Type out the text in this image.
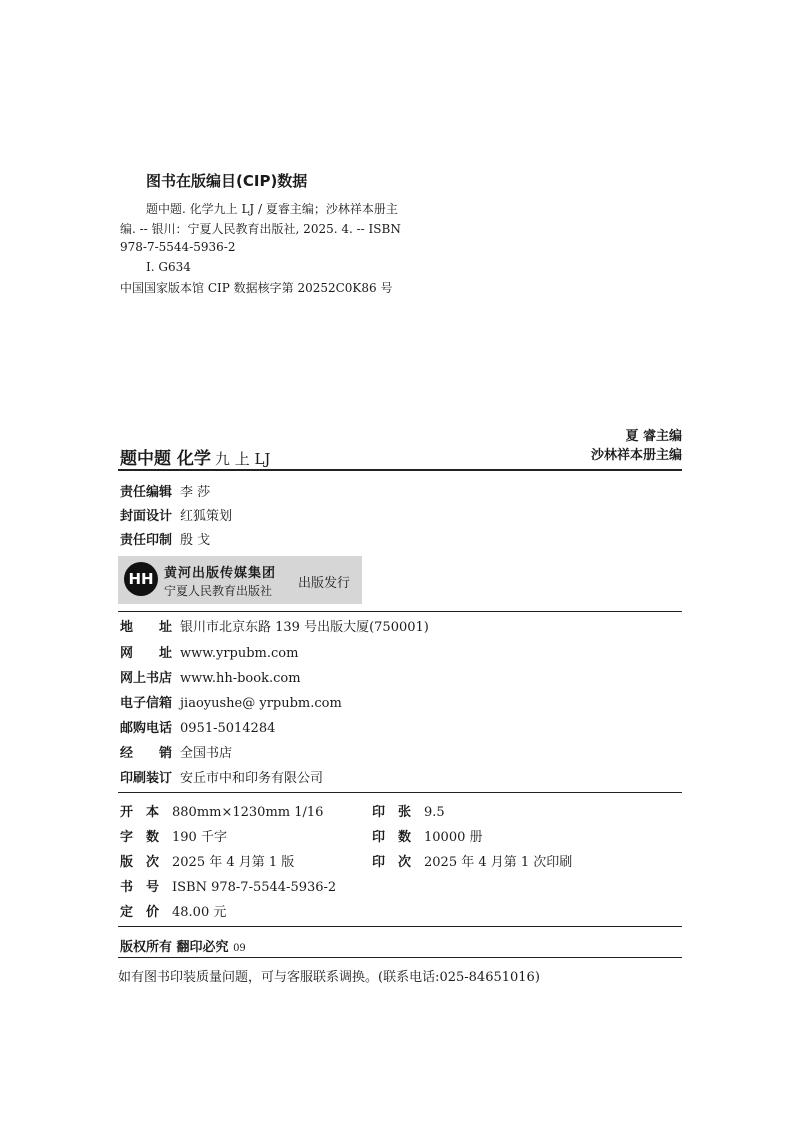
图书在版编目(CIP)数据
题中题. 化学九上 LJ / 夏睿主编；沙林祥本册主
编. -- 银川：宁夏人民教育出版社, 2025. 4. -- ISBN
978-7-5544-5936-2
Ⅰ. G634
中国国家版本馆 CIP 数据核字第 20252C0K86 号
夏 睿主编
沙林祥本册主编
题中题 化学 九 上 LJ
责任编辑 李 莎
封面设计 红狐策划
责任印制 殷 戈
HH 黄河出版传媒集团
宁夏人民教育出版社 出版发行
地　　址 银川市北京东路 139 号出版大厦(750001)
网　　址 www.yrpubm.com
网上书店 www.hh-book.com
电子信箱 jiaoyushe@ yrpubm.com
邮购电话 0951-5014284
经　　销 全国书店
印刷装订 安丘市中和印务有限公司
开　本 880mm×1230mm 1/16
字　数 190 千字
版　次 2025 年 4 月第 1 版
书　号 ISBN 978-7-5544-5936-2
定　价 48.00 元
印　张 9.5
印　数 10000 册
印　次 2025 年 4 月第 1 次印刷
版权所有 翻印必究 09
如有图书印装质量问题，可与客服联系调换。(联系电话:025-84651016)
